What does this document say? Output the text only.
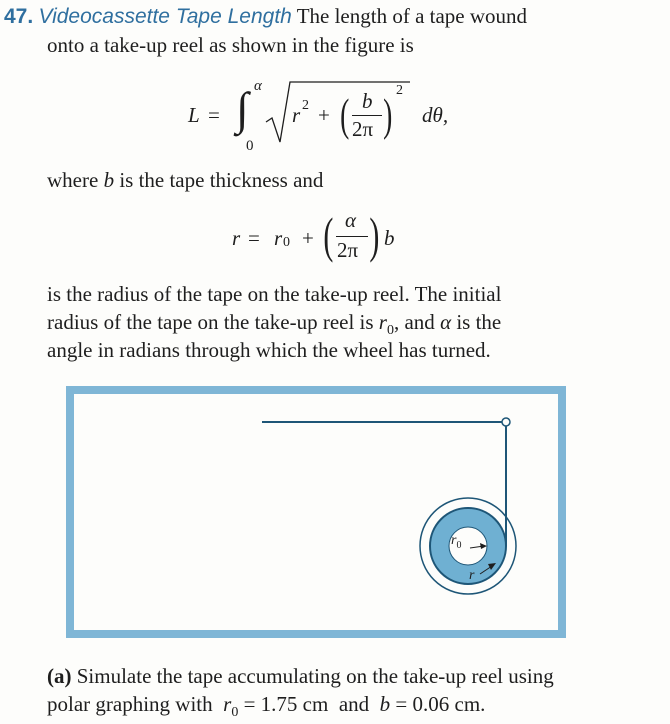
47. Videocassette Tape Length The length of a tape wound
onto a take-up reel as shown in the figure is
L = ∫ α
0
r 2 + ( b
2π ) 2
dθ,
where b is the tape thickness and
r = r 0 + ( α
2π ) b
is the radius of the tape on the take-up reel. The initial
radius of the tape on the take-up reel is $r_0$, and α is the
angle in radians through which the wheel has turned.
$r_0$
r
(a) Simulate the tape accumulating on the take-up reel using
polar graphing with $r_0 = 1.75$ cm and b = 0.06 cm.
